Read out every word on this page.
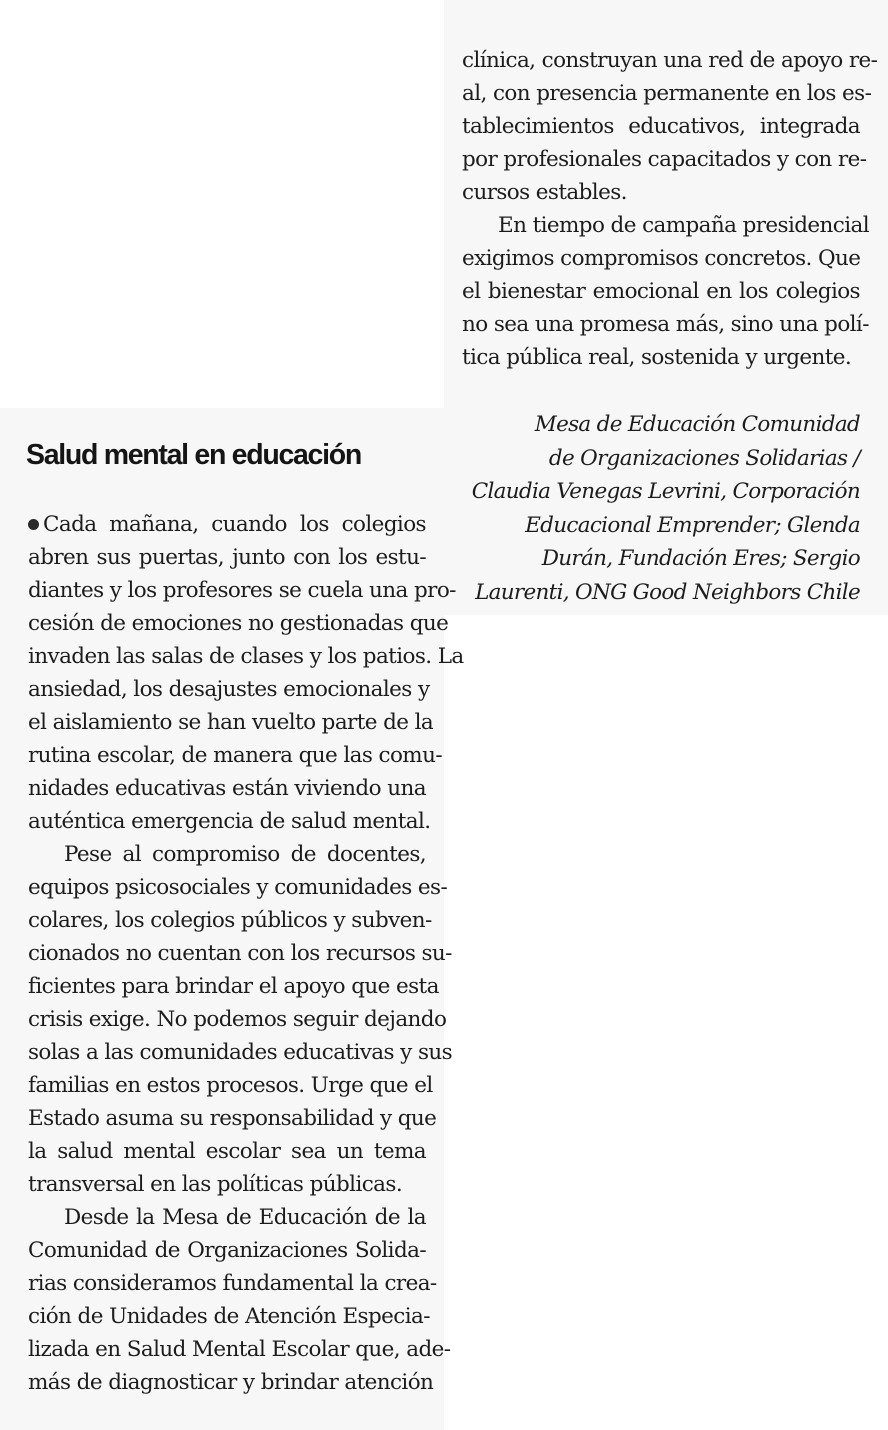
clínica, construyan una red de apoyo re-
al, con presencia permanente en los es-
tablecimientos educativos, integrada
por profesionales capacitados y con re-
cursos estables.
En tiempo de campaña presidencial
exigimos compromisos concretos. Que
el bienestar emocional en los colegios
no sea una promesa más, sino una polí-
tica pública real, sostenida y urgente.
Mesa de Educación Comunidad
de Organizaciones Solidarias /
Claudia Venegas Levrini, Corporación
Educacional Emprender; Glenda
Durán, Fundación Eres; Sergio
Laurenti, ONG Good Neighbors Chile
Salud mental en educación
Cada mañana, cuando los colegios
abren sus puertas, junto con los estu-
diantes y los profesores se cuela una pro-
cesión de emociones no gestionadas que
invaden las salas de clases y los patios. La
ansiedad, los desajustes emocionales y
el aislamiento se han vuelto parte de la
rutina escolar, de manera que las comu-
nidades educativas están viviendo una
auténtica emergencia de salud mental.
Pese al compromiso de docentes,
equipos psicosociales y comunidades es-
colares, los colegios públicos y subven-
cionados no cuentan con los recursos su-
ficientes para brindar el apoyo que esta
crisis exige. No podemos seguir dejando
solas a las comunidades educativas y sus
familias en estos procesos. Urge que el
Estado asuma su responsabilidad y que
la salud mental escolar sea un tema
transversal en las políticas públicas.
Desde la Mesa de Educación de la
Comunidad de Organizaciones Solida-
rias consideramos fundamental la crea-
ción de Unidades de Atención Especia-
lizada en Salud Mental Escolar que, ade-
más de diagnosticar y brindar atención
